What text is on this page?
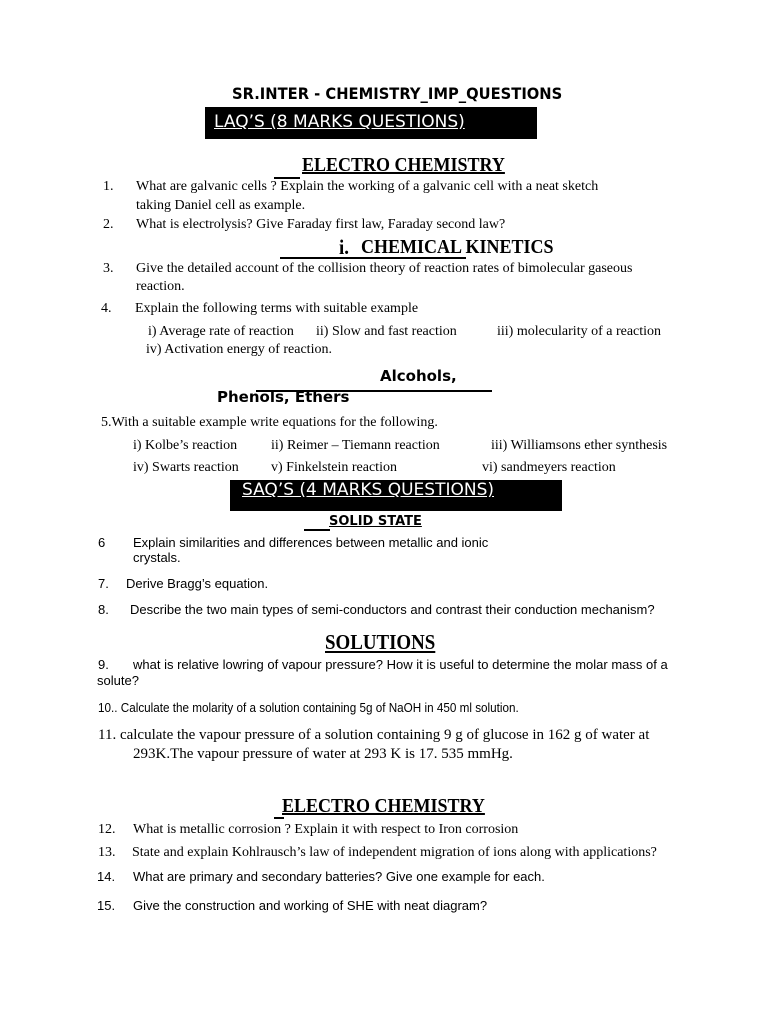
SR.INTER - CHEMISTRY_IMP_QUESTIONS
LAQ’S (8 MARKS QUESTIONS)
ELECTRO CHEMISTRY
1. What are galvanic cells ? Explain the working of a galvanic cell with a neat sketch
taking Daniel cell as example.
2. What is electrolysis? Give Faraday first law, Faraday second law?
i. CHEMICAL KINETICS
3. Give the detailed account of the collision theory of reaction rates of bimolecular gaseous
reaction.
4. Explain the following terms with suitable example
i) Average rate of reaction ii) Slow and fast reaction	iii) molecularity of a reaction
iv) Activation energy of reaction.
Alcohols,
Phenols, Ethers
5.With a suitable example write equations for the following.
i) Kolbe’s reaction ii) Reimer – Tiemann reaction	iii) Williamsons ether synthesis
iv) Swarts reaction v) Finkelstein reaction	vi) sandmeyers reaction
SAQ’S (4 MARKS QUESTIONS)
SOLID STATE
6 Explain similarities and differences between metallic and ionic
crystals.
7. Derive Bragg’s equation.
8. Describe the two main types of semi-conductors and contrast their conduction mechanism?
SOLUTIONS
9. what is relative lowring of vapour pressure? How it is useful to determine the molar mass of a
solute?
10.. Calculate the molarity of a solution containing 5g of NaOH in 450 ml solution.
11. calculate the vapour pressure of a solution containing 9 g of glucose in 162 g of water at
293K.The vapour pressure of water at 293 K is 17. 535 mmHg.
ELECTRO CHEMISTRY
12. What is metallic corrosion ? Explain it with respect to Iron corrosion
13. State and explain Kohlrausch’s law of independent migration of ions along with applications?
14. What are primary and secondary batteries? Give one example for each.
15. Give the construction and working of SHE with neat diagram?
